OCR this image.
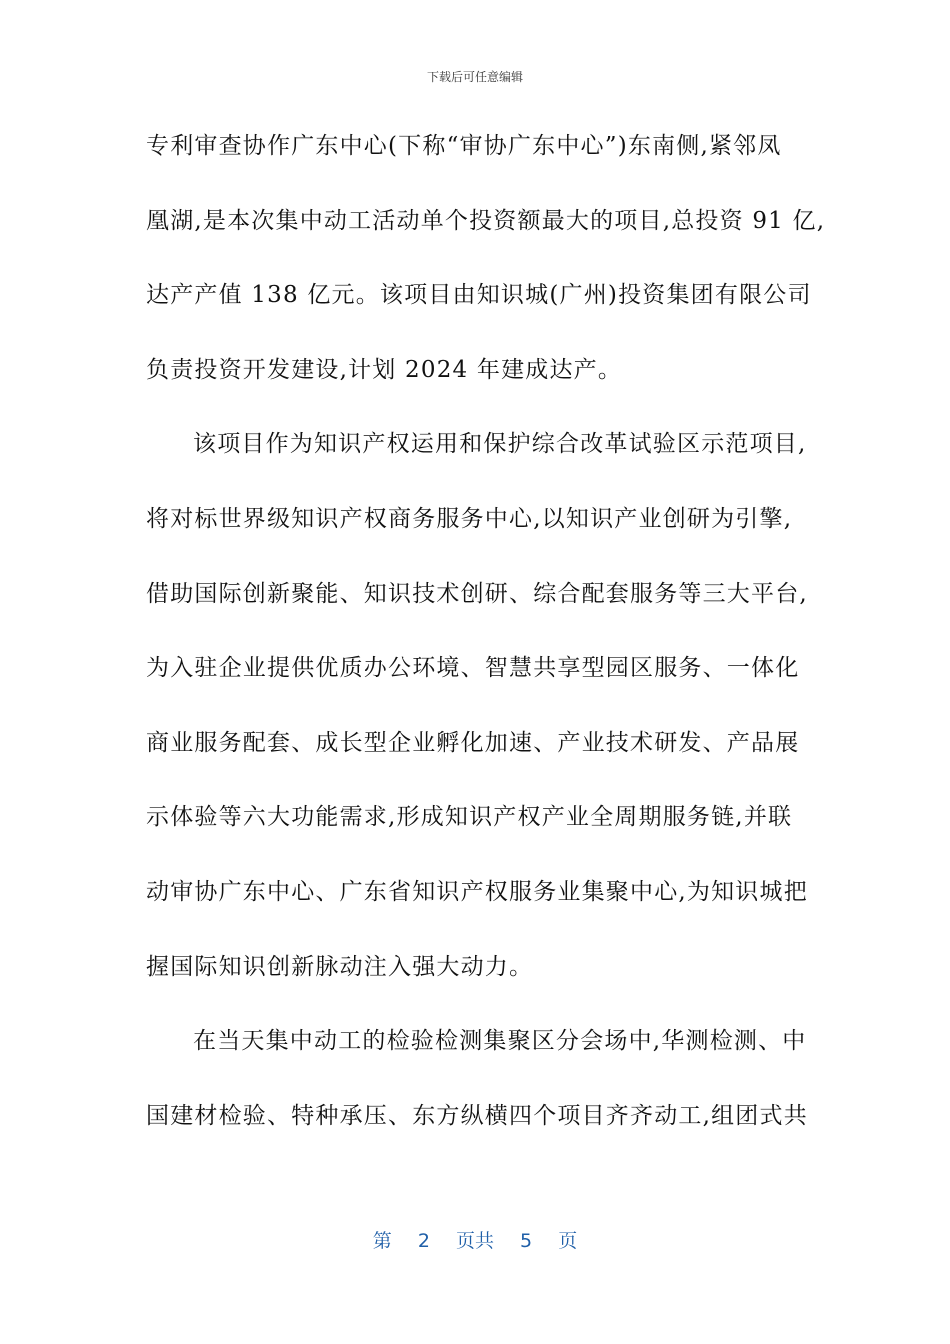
下载后可任意编辑
专利审查协作广东中心(下称“审协广东中心”)东南侧,紧邻凤
凰湖,是本次集中动工活动单个投资额最大的项目,总投资 91 亿,
达产产值 138 亿元。该项目由知识城(广州)投资集团有限公司
负责投资开发建设,计划 2024 年建成达产。
该项目作为知识产权运用和保护综合改革试验区示范项目,
将对标世界级知识产权商务服务中心,以知识产业创研为引擎,
借助国际创新聚能、知识技术创研、综合配套服务等三大平台,
为入驻企业提供优质办公环境、智慧共享型园区服务、一体化
商业服务配套、成长型企业孵化加速、产业技术研发、产品展
示体验等六大功能需求,形成知识产权产业全周期服务链,并联
动审协广东中心、广东省知识产权服务业集聚中心,为知识城把
握国际知识创新脉动注入强大动力。
在当天集中动工的检验检测集聚区分会场中,华测检测、中
国建材检验、特种承压、东方纵横四个项目齐齐动工,组团式共
第 2 页共 5 页
